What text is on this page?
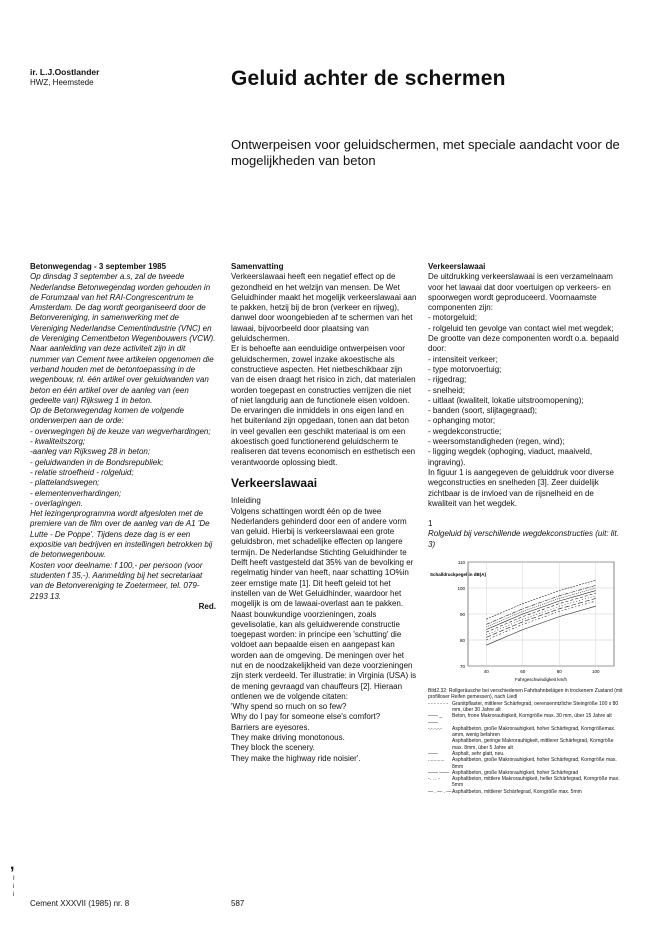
ir. L.J.Oostlander
HWZ, Heemstede	Geluid achter de schermen
Ontwerpeisen voor geluidschermen, met speciale aandacht voor de mogelijkheden van beton

Betonwegendag - 3 september 1985

Op dinsdag 3 september a.s, zal de tweede Nederlandse Betonwegendag worden gehouden in de Forumzaal van het RAI-Congrescentrum te Amsterdam. De dag wordt georganiseerd door de Betonvereniging, in samenwerking met de Vereniging Nederlandse Cementindustrie (VNC) en de Vereniging Cementbeton Wegenbouwers (VCW).

Naar aanleiding van deze activiteit zijn in dit nummer van Cement twee artikelen opgenomen die verband houden met de betontoepassing in de wegenbouw, nl. één artikel over geluidwanden van beton en één artikel over de aanleg van (een gedeelte van) Rijksweg 1 in beton.

Op de Betonwegendag komen de volgende onderwerpen aan de orde:

- overwegingen bij de keuze van wegverhardingen;

- kwaliteitszorg;

-aanleg van Rijksweg 28 in beton;

- geluidwanden in de Bondsrepubliek;

- relatie stroefheid - rolgeluid;

- plattelandswegen;

- elementenverhardingen;

- overlagingen.

Het lezingenprogramma wordt afgesloten met de premiere van de film over de aanleg van de A1 'De Lutte - De Poppe'. Tijdens deze dag is er een expositie van bedrijven en instellingen betrokken bij de betonwegenbouw.

Kosten voor deelname: f 100,- per persoon (voor studenten f 35,-). Aanmelding bij het secretariaat van de Betonvereniging te Zoetermeer, tel. 079-2193 13.

Red.

Samenvatting

Verkeerslawaai heeft een negatief effect op de gezondheid en het welzijn van mensen. De Wet Geluidhinder maakt het mogelijk verkeerslawaai aan te pakken, hetzij bij de bron (verkeer en rijweg), danwel door woongebieden af te schermen van het lawaai, bijvoorbeeld door plaatsing van geluidschermen.

Er is behoefte aan eenduidige ontwerpeisen voor geluidschermen, zowel inzake akoestische als constructieve aspecten. Het nietbeschikbaar zijn van de eisen draagt het risico in zich, dat materialen worden toegepast en constructies verrijzen die niet of niet langdurig aan de functionele eisen voldoen.

De ervaringen die inmiddels in ons eigen land en het buitenland zijn opgedaan, tonen aan dat beton in veel gevallen een geschikt materiaal is om een akoestisch goed functionerend geluidscherm te realiseren dat tevens economisch en esthetisch een verantwoorde oplossing biedt.

Verkeerslawaai

Inleiding

Volgens schattingen wordt één op de twee Nederlanders gehinderd door een of andere vorm van geluid. Hierbij is verkeerslawaai een grote geluidsbron, met schadelijke effecten op langere termijn. De Nederlandse Stichting Geluidhinder te Delft heeft vastgesteld dat 35% van de bevolking er regelmatig hinder van heeft, naar schatting 1O%in zeer ernstige mate [1]. Dit heeft geleid tot het instellen van de Wet Geluidhinder, waardoor het mogelijk is om de lawaai-overlast aan te pakken.

Naast bouwkundige voorzieningen, zoals gevelisolatie, kan als geluidwerende constructie toegepast worden: in principe een 'schutting' die voldoet aan bepaalde eisen en aangepast kan worden aan de omgeving. De meningen over het nut en de noodzakelijkheid van deze voorzieningen zijn sterk verdeeld. Ter illustratie: in Virginia (USA) is de mening gevraagd van chauffeurs [2]. Hieraan ontlenen we de volgende citaten:

'Why spend so rnuch on so few?

Why do I pay for someone else's comfort?

Barriers are eyesores.

They make driving monotonous.

They block the scenery.

They make the highway ride noisier'.

Verkeerslawaai

De uitdrukking verkeerslawaai is een verzamelnaam voor het lawaai dat door voertuigen op verkeers- en spoorwegen wordt geproduceerd. Voornaamste componenten zijn:

- motorgeluid;

- rolgeluid ten gevolge van contact wiel met wegdek;

De grootte van deze componenten wordt o.a. bepaald door:

- intensiteit verkeer;

- type motorvoertuig;

- rijgedrag;

- snelheid;

- uitlaat (kwaliteit, lokatie uitstroomopening);

- banden (soort, slijtagegraad);

- ophanging motor;

- wegdekconstructie;

- weersomstandigheden (regen, wind);

- ligging wegdek (ophoging, viaduct, maaiveld, ingraving).

In figuur 1 is aangegeven de geluiddruk voor diverse wegconstructies en snelheden [3]. Zeer duidelijk zichtbaar is de invloed van de rijsnelheid en de kwaliteit van het wegdek.

1

Rolgeluid bij verschillende wegdekconstructies (uit: lit. 3)

70
80
90
100
110
40	60	80	100
Schalldruckpegel in dB(A)
Fahrgeschwindigkeit km/h
Bild2.32: Rollgeräusche bei verschiedenen Fahrbahnbelägen in trockenem Zustand (mit profilloser Reifen gemessen), nach Liedl
- - - - - - - Granitpflaster, mittlerer Schärfegrad, oerensenntzliche Steingröße 100 x 80 mm, über 30 Jahre alt
—— _ ——
Beton, frone Makrorauhigkeit, Korngröße max. 30 mm, über 15 Jahre alt
-.-.-.-.-	Asphaltbeton, große Makrorauhigkeit, hoher Schärfegrad, Korngrößemax. amm, wenig befahren
Asphaltbeton, geringe Makrorauhigkeit, mittlerer Schärfegrad, Korngröße max. 8mm, über 5 Jahre alt
——	Asphalt, sehr glatt, neu.
............	Asphaltbeton, große Makrorauhigkeit, hoher Schärfegrad, Korngröße max. 8mm
—— —— Asphaltbeton, große Makrorauhigkeit, hoher Schärfegrad
-. . . -	Asphaltbeton, mittlere Makrorauhigkeit, heller Schärfegrad, Korngröße max. 5mm
— . — . — Asphaltbeton, mittlerer Schärfegrad, Korngröße max. 5mm
Cement XXXVII (1985) nr. 8	587
,
I
i
i
